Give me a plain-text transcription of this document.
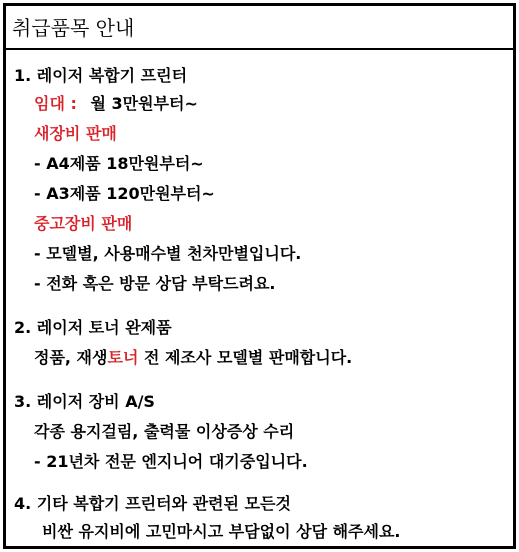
취급품목 안내
1. 레이저 복합기 프린터
임대 : 월 3만원부터~
새장비 판매
- A4제품 18만원부터~
- A3제품 120만원부터~
중고장비 판매
- 모델별, 사용매수별 천차만별입니다.
- 전화 혹은 방문 상담 부탁드려요.
2. 레이저 토너 완제품
정품, 재생토너 전 제조사 모델별 판매합니다.
3. 레이저 장비 A/S
각종 용지걸림, 출력물 이상증상 수리
- 21년차 전문 엔지니어 대기중입니다.
4. 기타 복합기 프린터와 관련된 모든것
비싼 유지비에 고민마시고 부담없이 상담 해주세요.
